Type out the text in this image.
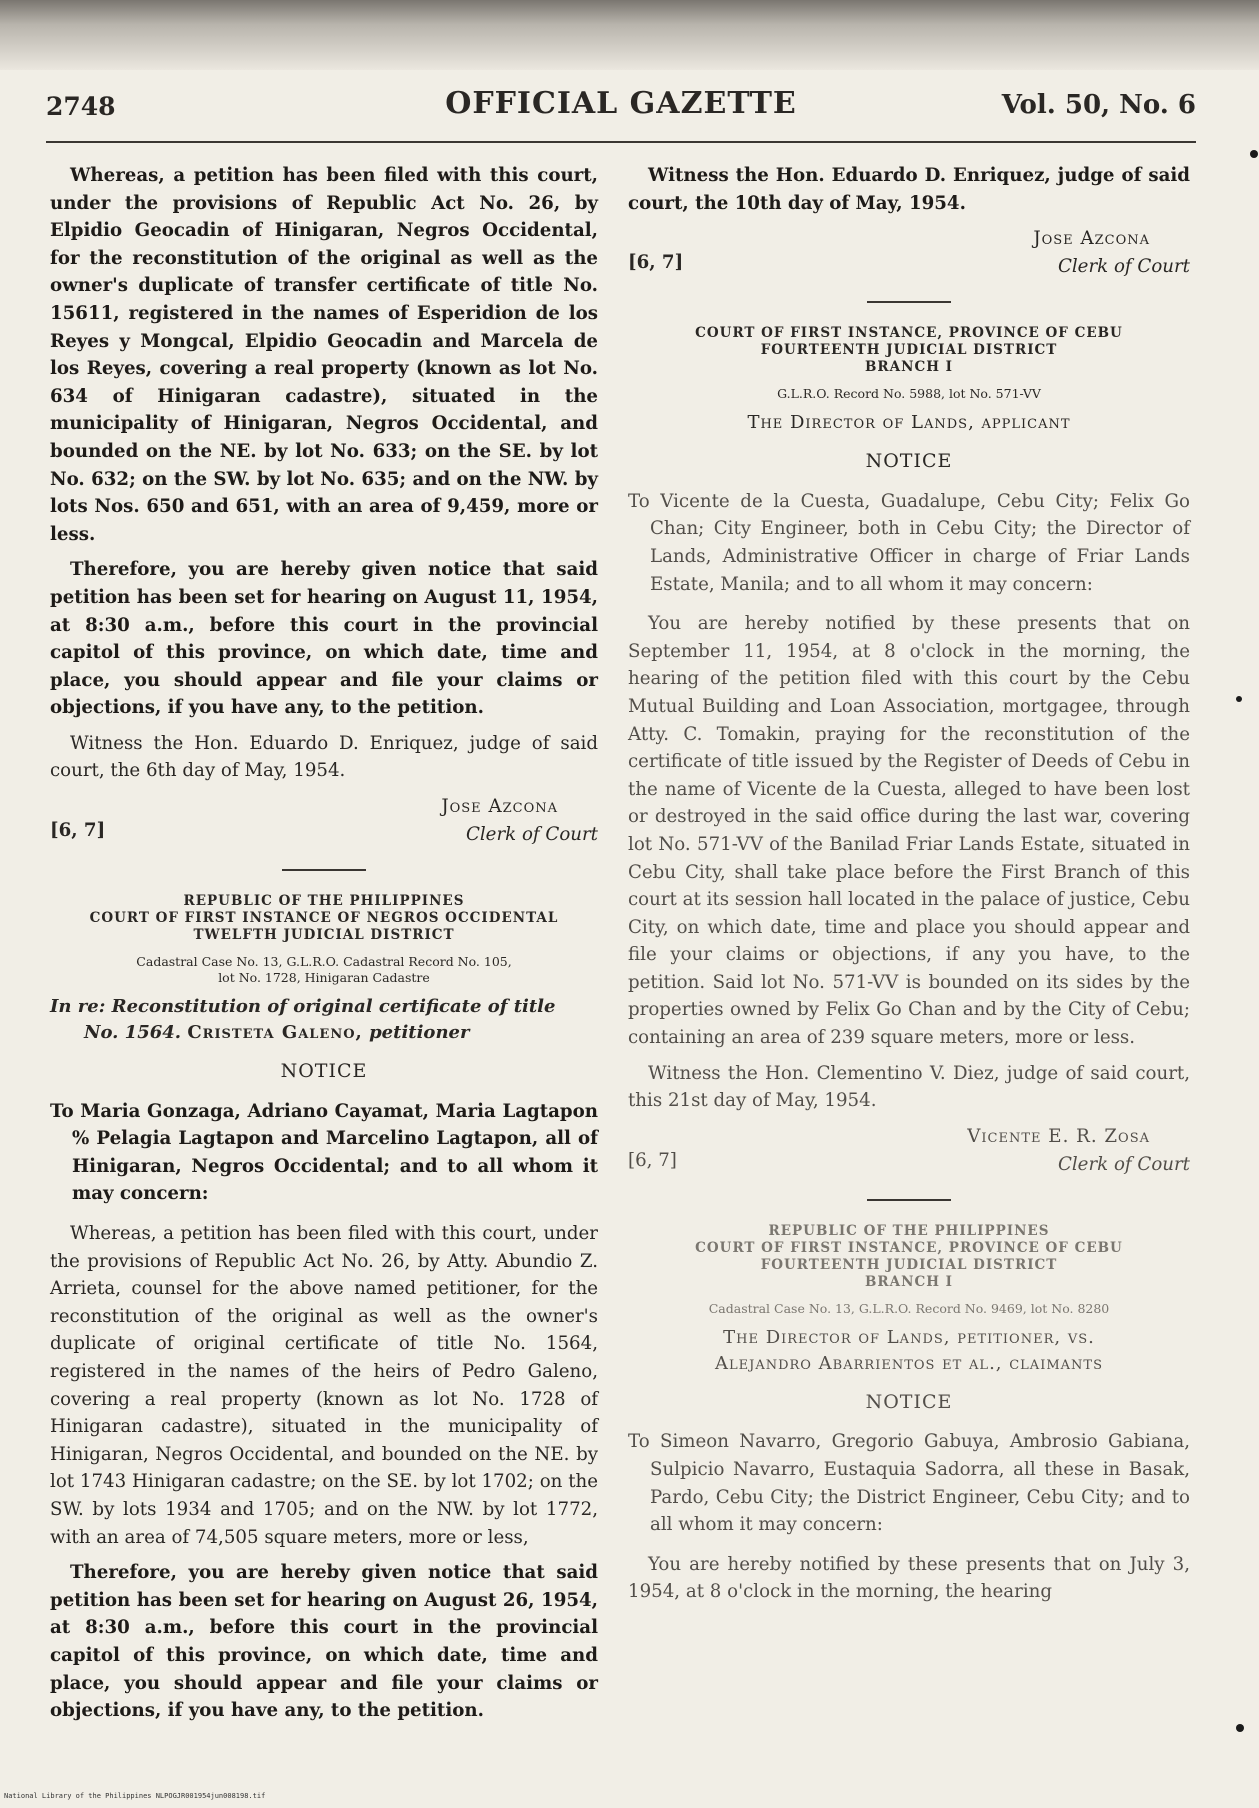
2748	OFFICIAL GAZETTE	Vol. 50, No. 6

Whereas, a petition has been filed with this court, under the provisions of Republic Act No. 26, by Elpidio Geocadin of Hinigaran, Negros Occidental, for the reconstitution of the original as well as the owner's duplicate of transfer certificate of title No. 15611, registered in the names of Esperidion de los Reyes y Mongcal, Elpidio Geocadin and Marcela de los Reyes, covering a real property (known as lot No. 634 of Hinigaran cadastre), situated in the municipality of Hinigaran, Negros Occidental, and bounded on the NE. by lot No. 633; on the SE. by lot No. 632; on the SW. by lot No. 635; and on the NW. by lots Nos. 650 and 651, with an area of 9,459, more or less.

Therefore, you are hereby given notice that said petition has been set for hearing on August 11, 1954, at 8:30 a.m., before this court in the provincial capitol of this province, on which date, time and place, you should appear and file your claims or objections, if you have any, to the petition.

Witness the Hon. Eduardo D. Enriquez, judge of said court, the 6th day of May, 1954.

Jose Azcona
Clerk of Court
[6, 7]
REPUBLIC OF THE PHILIPPINES
COURT OF FIRST INSTANCE OF NEGROS OCCIDENTAL
TWELFTH JUDICIAL DISTRICT
Cadastral Case No. 13, G.L.R.O. Cadastral Record No. 105,
lot No. 1728, Hinigaran Cadastre
In re: Reconstitution of original certificate of title
No. 1564. Cristeta Galeno, petitioner
NOTICE

To Maria Gonzaga, Adriano Cayamat, Maria Lagtapon % Pelagia Lagtapon and Marcelino Lagtapon, all of Hinigaran, Negros Occidental; and to all whom it may concern:

Whereas, a petition has been filed with this court, under the provisions of Republic Act No. 26, by Atty. Abundio Z. Arrieta, counsel for the above named petitioner, for the reconstitution of the original as well as the owner's duplicate of original certificate of title No. 1564, registered in the names of the heirs of Pedro Galeno, covering a real property (known as lot No. 1728 of Hinigaran cadastre), situated in the municipality of Hinigaran, Negros Occidental, and bounded on the NE. by lot 1743 Hinigaran cadastre; on the SE. by lot 1702; on the SW. by lots 1934 and 1705; and on the NW. by lot 1772, with an area of 74,505 square meters, more or less,

Therefore, you are hereby given notice that said petition has been set for hearing on August 26, 1954, at 8:30 a.m., before this court in the provincial capitol of this province, on which date, time and place, you should appear and file your claims or objections, if you have any, to the petition.

Witness the Hon. Eduardo D. Enriquez, judge of said court, the 10th day of May, 1954.

Jose Azcona
Clerk of Court
[6, 7]
COURT OF FIRST INSTANCE, PROVINCE OF CEBU
FOURTEENTH JUDICIAL DISTRICT
BRANCH I
G.L.R.O. Record No. 5988, lot No. 571-VV
The Director of Lands, applicant
NOTICE

To Vicente de la Cuesta, Guadalupe, Cebu City; Felix Go Chan; City Engineer, both in Cebu City; the Director of Lands, Administrative Officer in charge of Friar Lands Estate, Manila; and to all whom it may concern:

You are hereby notified by these presents that on September 11, 1954, at 8 o'clock in the morning, the hearing of the petition filed with this court by the Cebu Mutual Building and Loan Association, mortgagee, through Atty. C. Tomakin, praying for the reconstitution of the certificate of title issued by the Register of Deeds of Cebu in the name of Vicente de la Cuesta, alleged to have been lost or destroyed in the said office during the last war, covering lot No. 571-VV of the Banilad Friar Lands Estate, situated in Cebu City, shall take place before the First Branch of this court at its session hall located in the palace of justice, Cebu City, on which date, time and place you should appear and file your claims or objections, if any you have, to the petition. Said lot No. 571-VV is bounded on its sides by the properties owned by Felix Go Chan and by the City of Cebu; containing an area of 239 square meters, more or less.

Witness the Hon. Clementino V. Diez, judge of said court, this 21st day of May, 1954.

Vicente E. R. Zosa
Clerk of Court
[6, 7]
REPUBLIC OF THE PHILIPPINES
COURT OF FIRST INSTANCE, PROVINCE OF CEBU
FOURTEENTH JUDICIAL DISTRICT
BRANCH I
Cadastral Case No. 13, G.L.R.O. Record No. 9469, lot No. 8280
The Director of Lands, petitioner, vs.
Alejandro Abarrientos et al., claimants
NOTICE

To Simeon Navarro, Gregorio Gabuya, Ambrosio Gabiana, Sulpicio Navarro, Eustaquia Sadorra, all these in Basak, Pardo, Cebu City; the District Engineer, Cebu City; and to all whom it may concern:

You are hereby notified by these presents that on July 3, 1954, at 8 o'clock in the morning, the hearing

National Library of the Philippines NLPOGJR001954jun008198.tif
